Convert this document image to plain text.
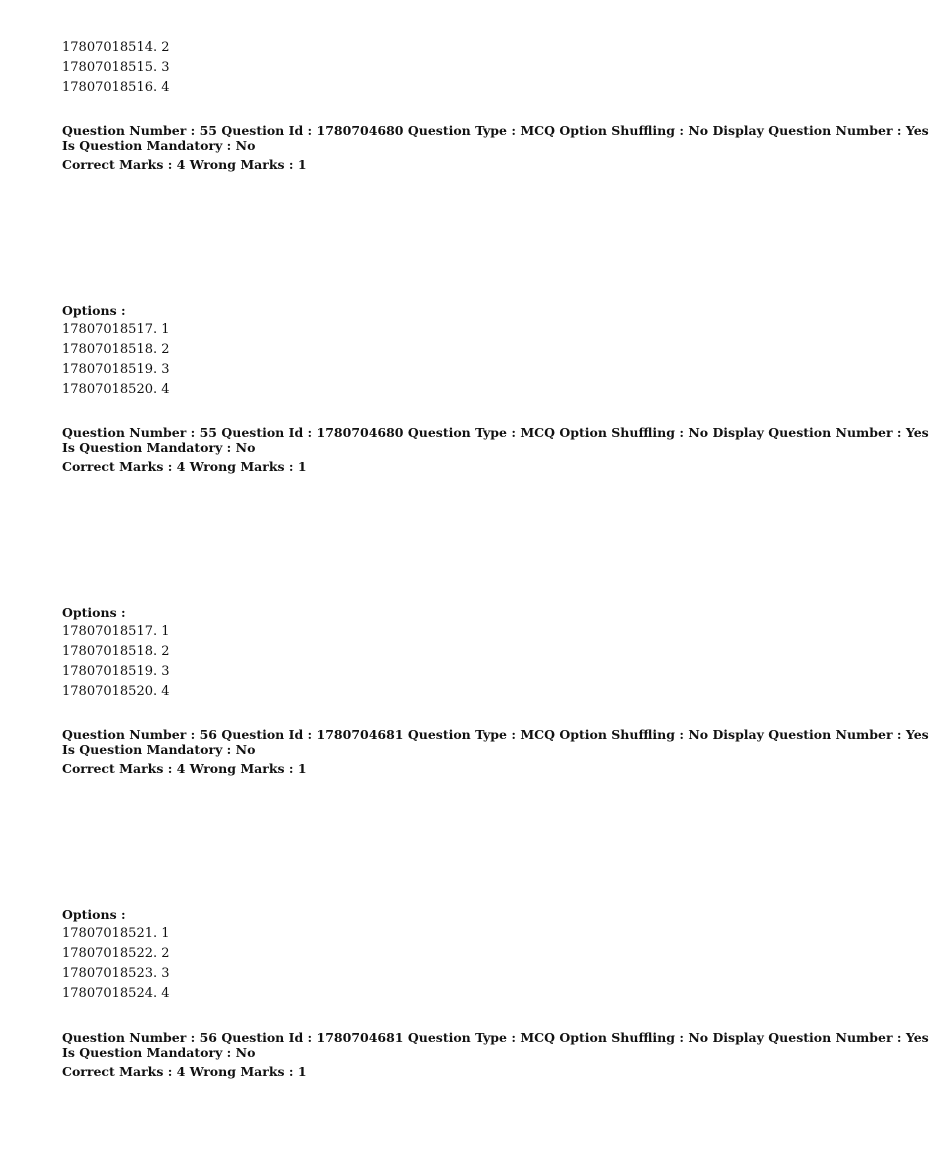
17807018514. 2
17807018515. 3
17807018516. 4
Question Number : 55 Question Id : 1780704680 Question Type : MCQ Option Shuffling : No Display Question Number : Yes
Is Question Mandatory : No
Correct Marks : 4 Wrong Marks : 1
Options :
17807018517. 1
17807018518. 2
17807018519. 3
17807018520. 4
Question Number : 55 Question Id : 1780704680 Question Type : MCQ Option Shuffling : No Display Question Number : Yes
Is Question Mandatory : No
Correct Marks : 4 Wrong Marks : 1
Options :
17807018517. 1
17807018518. 2
17807018519. 3
17807018520. 4
Question Number : 56 Question Id : 1780704681 Question Type : MCQ Option Shuffling : No Display Question Number : Yes
Is Question Mandatory : No
Correct Marks : 4 Wrong Marks : 1
Options :
17807018521. 1
17807018522. 2
17807018523. 3
17807018524. 4
Question Number : 56 Question Id : 1780704681 Question Type : MCQ Option Shuffling : No Display Question Number : Yes
Is Question Mandatory : No
Correct Marks : 4 Wrong Marks : 1
